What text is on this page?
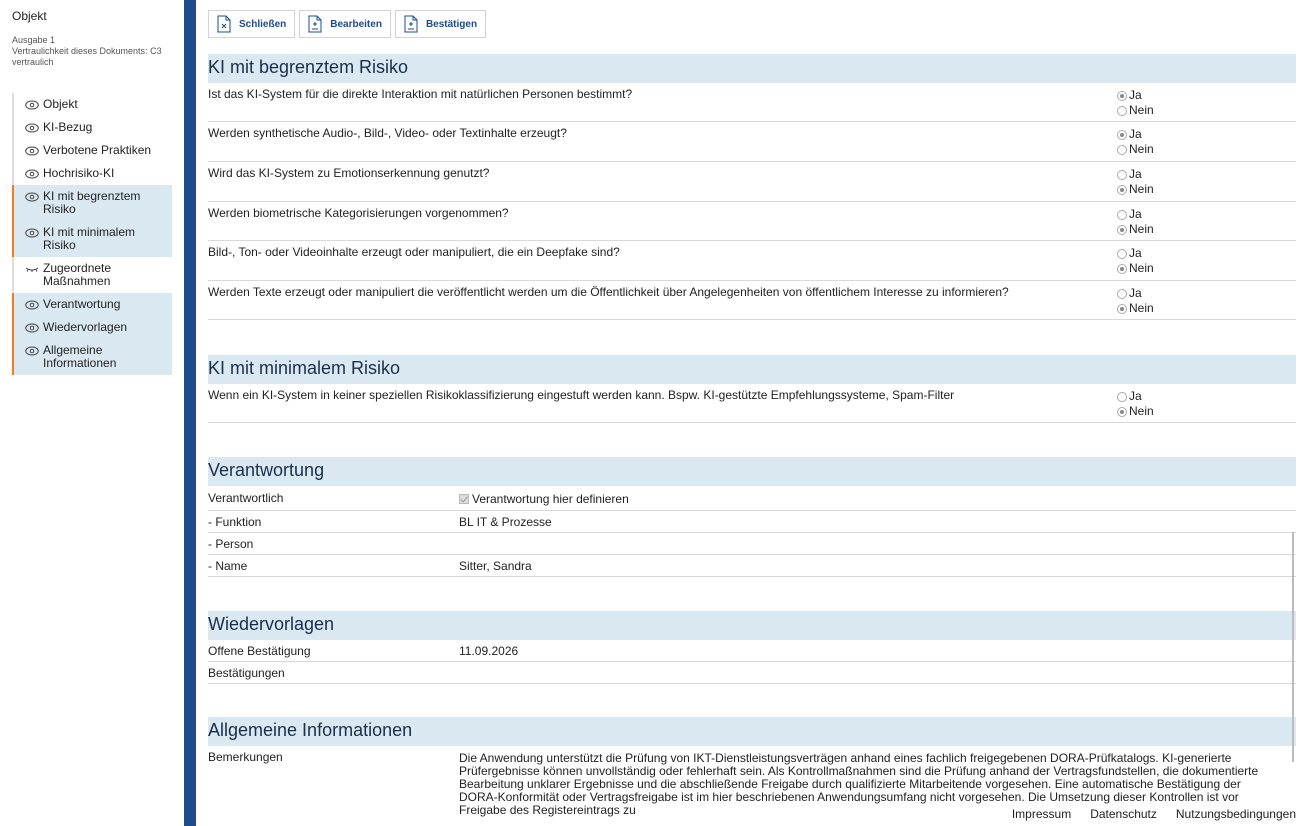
Objekt
Ausgabe 1
Vertraulichkeit dieses Dokuments: C3 vertraulich
Objekt
KI-Bezug
Verbotene Praktiken
Hochrisiko-KI
KI mit begrenztem Risiko
KI mit minimalem Risiko
Zugeordnete Maßnahmen
Verantwortung
Wiedervorlagen
Allgemeine Informationen
Schließen	Bearbeiten	Bestätigen
KI mit begrenztem Risiko
Ist das KI-System für die direkte Interaktion mit natürlichen Personen bestimmt?	Ja
Nein
Werden synthetische Audio-, Bild-, Video- oder Textinhalte erzeugt?	Ja
Nein
Wird das KI-System zu Emotionserkennung genutzt?	Ja
Nein
Werden biometrische Kategorisierungen vorgenommen?	Ja
Nein
Bild-, Ton- oder Videoinhalte erzeugt oder manipuliert, die ein Deepfake sind?	Ja
Nein
Werden Texte erzeugt oder manipuliert die veröffentlicht werden um die Öffentlichkeit über Angelegenheiten von öffentlichem Interesse zu informieren?	Ja
Nein
KI mit minimalem Risiko
Wenn ein KI-System in keiner speziellen Risikoklassifizierung eingestuft werden kann. Bspw. KI-gestützte Empfehlungssysteme, Spam-Filter	Ja
Nein
Verantwortung
Verantwortlich	Verantwortung hier definieren
- Funktion	BL IT & Prozesse
- Person
- Name	Sitter, Sandra
Wiedervorlagen
Offene Bestätigung	11.09.2026
Bestätigungen
Allgemeine Informationen
Bemerkungen	Die Anwendung unterstützt die Prüfung von IKT-Dienstleistungsverträgen anhand eines fachlich freigegebenen DORA-Prüfkatalogs. KI-generierte Prüfergebnisse können unvollständig oder fehlerhaft sein. Als Kontrollmaßnahmen sind die Prüfung anhand der Vertragsfundstellen, die dokumentierte Bearbeitung unklarer Ergebnisse und die abschließende Freigabe durch qualifizierte Mitarbeitende vorgesehen. Eine automatische Bestätigung der DORA-Konformität oder Vertragsfreigabe ist im hier beschriebenen Anwendungsumfang nicht vorgesehen. Die Umsetzung dieser Kontrollen ist vor Freigabe des Registereintrags zu	Impressum Datenschutz Nutzungsbedingungen
